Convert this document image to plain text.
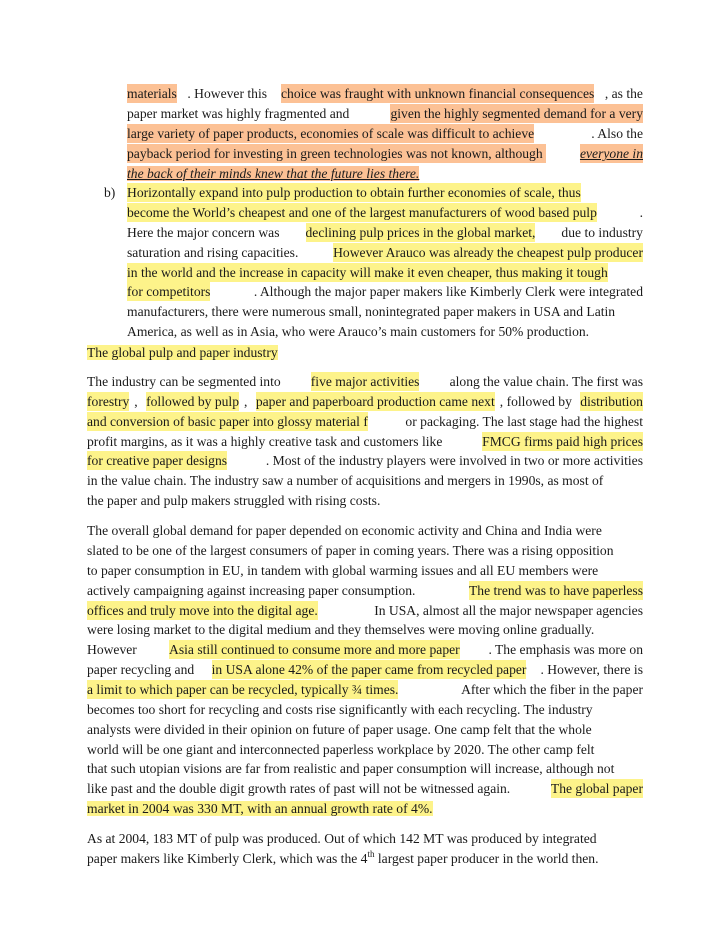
materials . However this choice was fraught with unknown financial consequences , as the
paper market was highly fragmented and	given the highly segmented demand for a very
large variety of paper products, economies of scale was difficult to achieve	. Also the
payback period for investing in green technologies was not known, although everyone in
the back of their minds knew that the future lies there.
b) Horizontally expand into pulp production to obtain further economies of scale, thus
become the World’s cheapest and one of the largest manufacturers of wood based pulp	.
Here the major concern was declining pulp prices in the global market, due to industry
saturation and rising capacities. However Arauco was already the cheapest pulp producer
in the world and the increase in capacity will make it even cheaper, thus making it tough
for competitors	. Although the major paper makers like Kimberly Clerk were integrated
manufacturers, there were numerous small, nonintegrated paper makers in USA and Latin
America, as well as in Asia, who were Arauco’s main customers for 50% production.
The global pulp and paper industry
The industry can be segmented into five major activities along the value chain. The first was
forestry , followed by pulp , paper and paperboard production came next , followed by distribution
and conversion of basic paper into glossy material f	or packaging. The last stage had the highest
profit margins, as it was a highly creative task and customers like	FMCG firms paid high prices
for creative paper designs	. Most of the industry players were involved in two or more activities
in the value chain. The industry saw a number of acquisitions and mergers in 1990s, as most of
the paper and pulp makers struggled with rising costs.
The overall global demand for paper depended on economic activity and China and India were
slated to be one of the largest consumers of paper in coming years. There was a rising opposition
to paper consumption in EU, in tandem with global warming issues and all EU members were
actively campaigning against increasing paper consumption.	The trend was to have paperless
offices and truly move into the digital age.	In USA, almost all the major newspaper agencies
were losing market to the digital medium and they themselves were moving online gradually.
However Asia still continued to consume more and more paper . The emphasis was more on
paper recycling and in USA alone 42% of the paper came from recycled paper . However, there is
a limit to which paper can be recycled, typically ¾ times.	After which the fiber in the paper
becomes too short for recycling and costs rise significantly with each recycling. The industry
analysts were divided in their opinion on future of paper usage. One camp felt that the whole
world will be one giant and interconnected paperless workplace by 2020. The other camp felt
that such utopian visions are far from realistic and paper consumption will increase, although not
like past and the double digit growth rates of past will not be witnessed again.	The global paper
market in 2004 was 330 MT, with an annual growth rate of 4%.
As at 2004, 183 MT of pulp was produced. Out of which 142 MT was produced by integrated
paper makers like Kimberly Clerk, which was the 4th largest paper producer in the world then.
